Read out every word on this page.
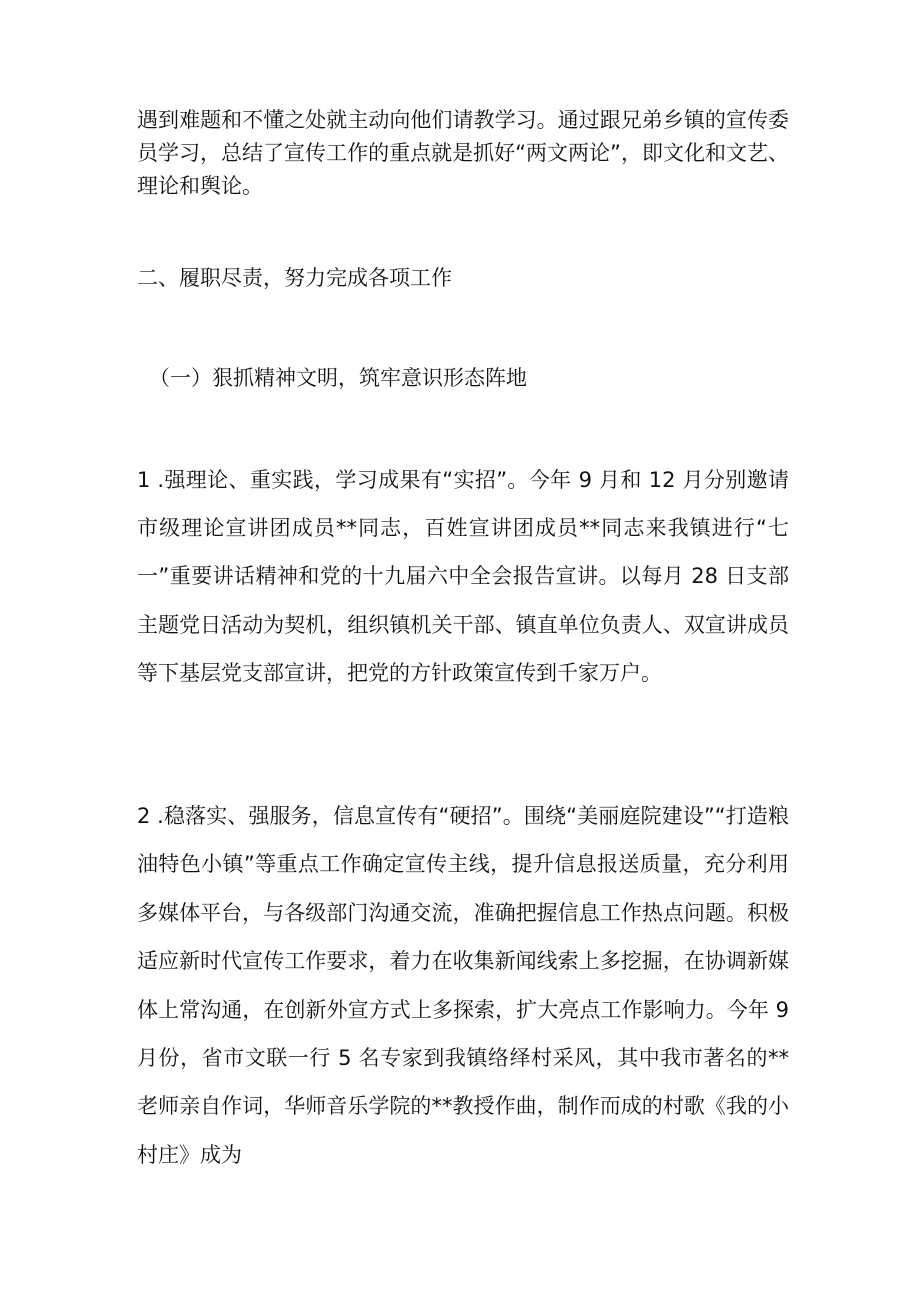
遇到难题和不懂之处就主动向他们请教学习。通过跟兄弟乡镇的宣传委员学习，总结了宣传工作的重点就是抓好“两文两论”，即文化和文艺、理论和舆论。

二、履职尽责，努力完成各项工作

（一）狠抓精神文明，筑牢意识形态阵地

1 .强理论、重实践，学习成果有“实招”。今年 9 月和 12 月分别邀请市级理论宣讲团成员**同志，百姓宣讲团成员**同志来我镇进行“七一”重要讲话精神和党的十九届六中全会报告宣讲。以每月 28 日支部主题党日活动为契机，组织镇机关干部、镇直单位负责人、双宣讲成员等下基层党支部宣讲，把党的方针政策宣传到千家万户。

2 .稳落实、强服务，信息宣传有“硬招”。围绕“美丽庭院建设”“打造粮油特色小镇”等重点工作确定宣传主线，提升信息报送质量，充分利用多媒体平台，与各级部门沟通交流，准确把握信息工作热点问题。积极适应新时代宣传工作要求，着力在收集新闻线索上多挖掘，在协调新媒体上常沟通，在创新外宣方式上多探索，扩大亮点工作影响力。今年 9 月份，省市文联一行 5 名专家到我镇络绎村采风，其中我市著名的**老师亲自作词，华师音乐学院的**教授作曲，制作而成的村歌《我的小村庄》成为
